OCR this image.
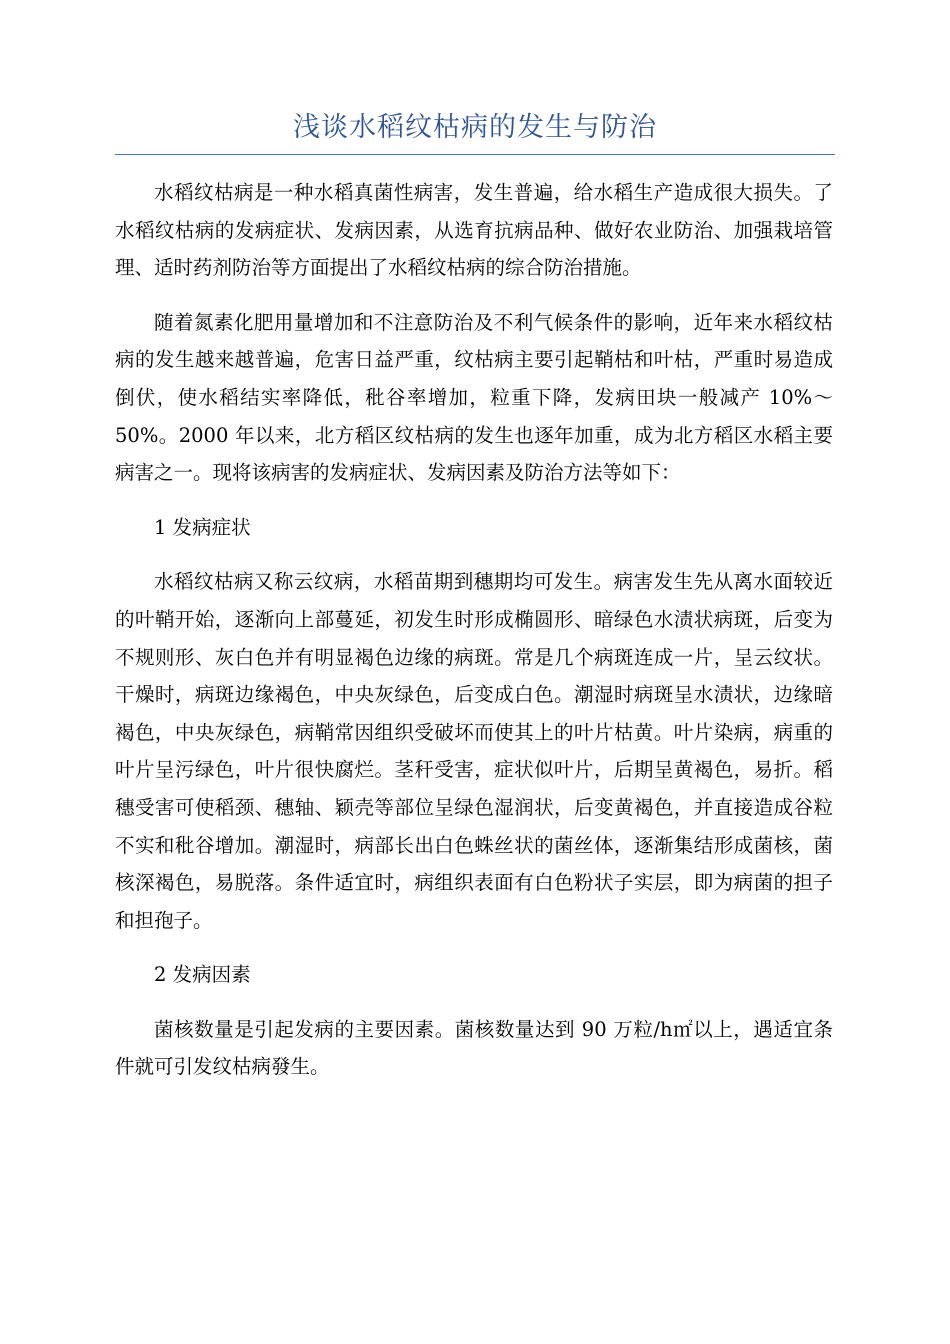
浅谈水稻纹枯病的发生与防治

水稻纹枯病是一种水稻真菌性病害，发生普遍，给水稻生产造成很大损失。了水稻纹枯病的发病症状、发病因素，从选育抗病品种、做好农业防治、加强栽培管理、适时药剂防治等方面提出了水稻纹枯病的综合防治措施。

随着氮素化肥用量增加和不注意防治及不利气候条件的影响，近年来水稻纹枯病的发生越来越普遍，危害日益严重，纹枯病主要引起鞘枯和叶枯，严重时易造成倒伏，使水稻结实率降低，秕谷率增加，粒重下降，发病田块一般减产 10%～50%。2000 年以来，北方稻区纹枯病的发生也逐年加重，成为北方稻区水稻主要病害之一。现将该病害的发病症状、发病因素及防治方法等如下：

1 发病症状

水稻纹枯病又称云纹病，水稻苗期到穗期均可发生。病害发生先从离水面较近的叶鞘开始，逐渐向上部蔓延，初发生时形成椭圆形、暗绿色水渍状病斑，后变为不规则形、灰白色并有明显褐色边缘的病斑。常是几个病斑连成一片，呈云纹状。干燥时，病斑边缘褐色，中央灰绿色，后变成白色。潮湿时病斑呈水渍状，边缘暗褐色，中央灰绿色，病鞘常因组织受破坏而使其上的叶片枯黄。叶片染病，病重的叶片呈污绿色，叶片很快腐烂。茎秆受害，症状似叶片，后期呈黄褐色，易折。稻穗受害可使稻颈、穗轴、颖壳等部位呈绿色湿润状，后变黄褐色，并直接造成谷粒不实和秕谷增加。潮湿时，病部长出白色蛛丝状的菌丝体，逐渐集结形成菌核，菌核深褐色，易脱落。条件适宜时，病组织表面有白色粉状子实层，即为病菌的担子和担孢子。

2 发病因素

菌核数量是引起发病的主要因素。菌核数量达到 90 万粒/h㎡以上，遇适宜条件就可引发纹枯病發生。
